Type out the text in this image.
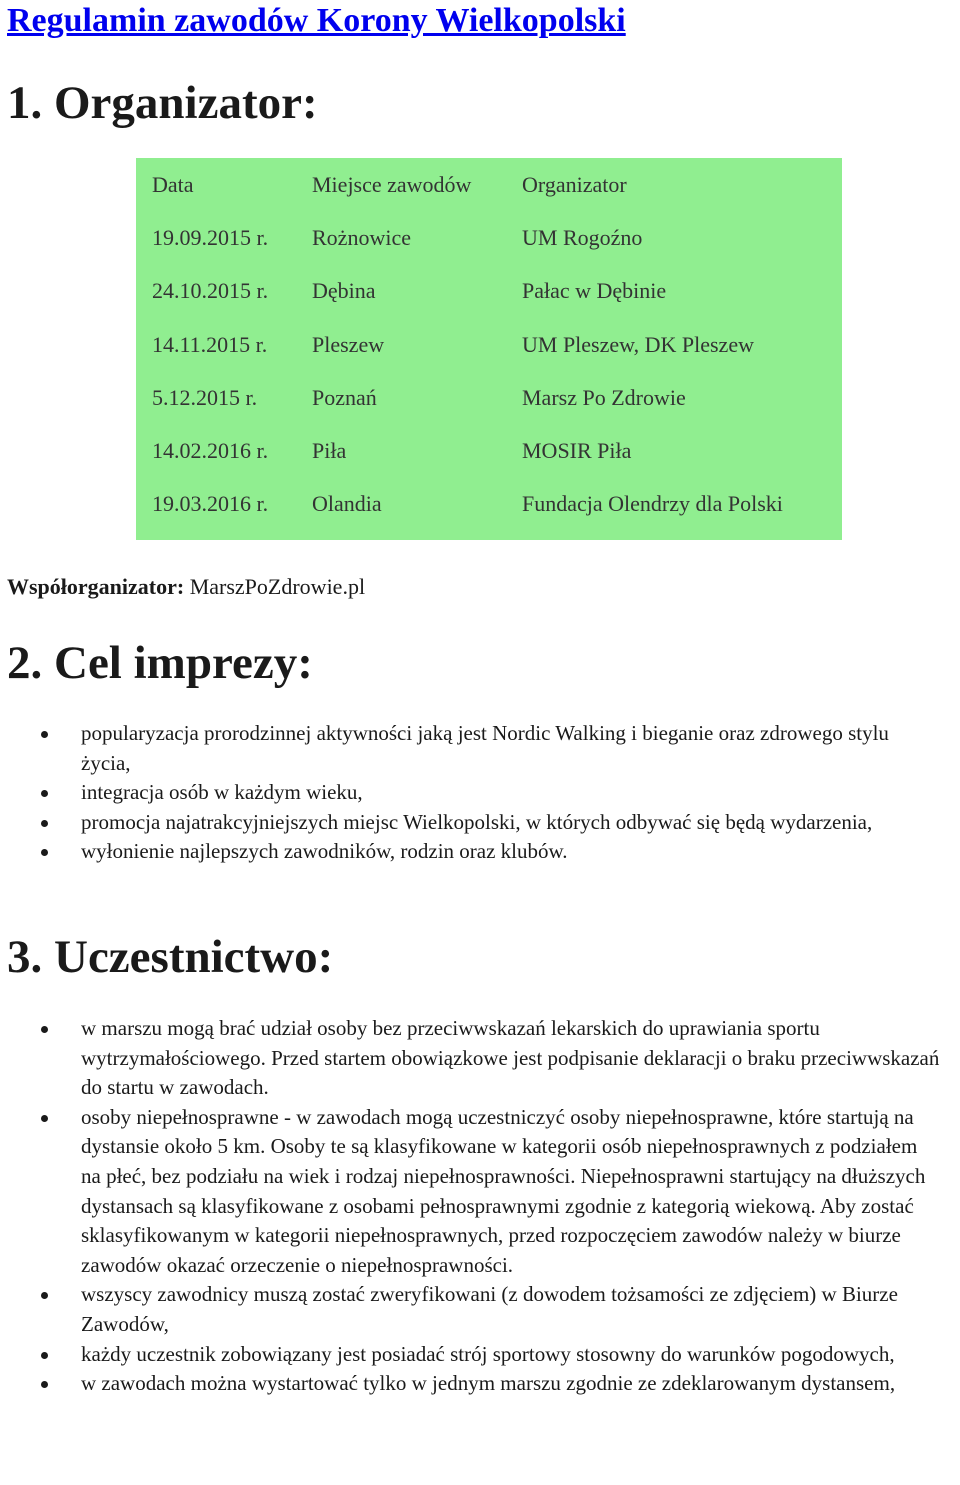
Regulamin zawodów Korony Wielkopolski
1. Organizator:
Data	Miejsce zawodów	Organizator
19.09.2015 r.	Rożnowice	UM Rogoźno
24.10.2015 r.	Dębina	Pałac w Dębinie
14.11.2015 r.	Pleszew	UM Pleszew, DK Pleszew
5.12.2015 r.	Poznań	Marsz Po Zdrowie
14.02.2016 r.	Piła	MOSIR Piła
19.03.2016 r.	Olandia	Fundacja Olendrzy dla Polski

Współorganizator: MarszPoZdrowie.pl

2. Cel imprezy:
popularyzacja prorodzinnej aktywności jaką jest Nordic Walking i bieganie oraz zdrowego stylu życia,
integracja osób w każdym wieku,
promocja najatrakcyjniejszych miejsc Wielkopolski, w których odbywać się będą wydarzenia,
wyłonienie najlepszych zawodników, rodzin oraz klubów.
3. Uczestnictwo:
w marszu mogą brać udział osoby bez przeciwwskazań lekarskich do uprawiania sportu wytrzymałościowego. Przed startem obowiązkowe jest podpisanie deklaracji o braku przeciwwskazań do startu w zawodach.
osoby niepełnosprawne - w zawodach mogą uczestniczyć osoby niepełnosprawne, które startują na dystansie około 5 km. Osoby te są klasyfikowane w kategorii osób niepełnosprawnych z podziałem na płeć, bez podziału na wiek i rodzaj niepełnosprawności. Niepełnosprawni startujący na dłuższych dystansach są klasyfikowane z osobami pełnosprawnymi zgodnie z kategorią wiekową. Aby zostać sklasyfikowanym w kategorii niepełnosprawnych, przed rozpoczęciem zawodów należy w biurze zawodów okazać orzeczenie o niepełnosprawności.
wszyscy zawodnicy muszą zostać zweryfikowani (z dowodem tożsamości ze zdjęciem) w Biurze Zawodów,
każdy uczestnik zobowiązany jest posiadać strój sportowy stosowny do warunków pogodowych,
w zawodach można wystartować tylko w jednym marszu zgodnie ze zdeklarowanym dystansem,
